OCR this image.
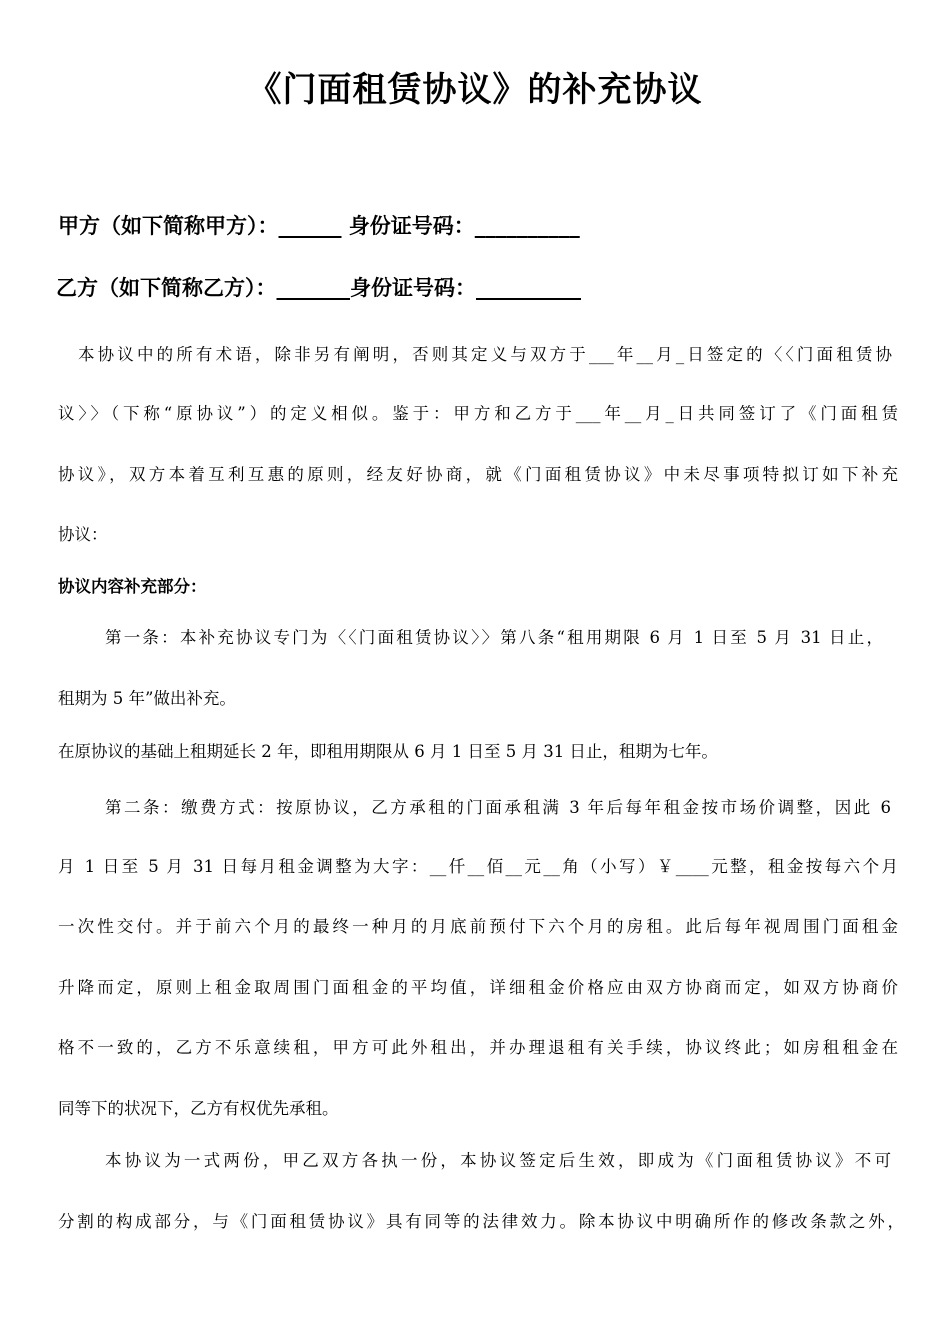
《门面租赁协议》的补充协议
甲方（如下简称甲方）：______ 身份证号码：__________
乙方（如下简称乙方）：_______身份证号码：__________
本协议中的所有术语，除非另有阐明，否则其定义与双方于___年__月_日签定的〈〈门面租赁协
议〉〉（下称“原协议”）的定义相似。鉴于：甲方和乙方于___年__月_日共同签订了《门面租赁
协议》，双方本着互利互惠的原则，经友好协商，就《门面租赁协议》中未尽事项特拟订如下补充
协议：
协议内容补充部分：
第一条：本补充协议专门为〈〈门面租赁协议〉〉第八条“租用期限 6 月 1 日至 5 月 31 日止，
租期为 5 年”做出补充。
在原协议的基础上租期延长 2 年，即租用期限从 6 月 1 日至 5 月 31 日止，租期为七年。
第二条：缴费方式：按原协议，乙方承租的门面承租满 3 年后每年租金按市场价调整，因此 6
月 1 日至 5 月 31 日每月租金调整为大字：__仟__佰__元__角（小写）￥____元整，租金按每六个月
一次性交付。并于前六个月的最终一种月的月底前预付下六个月的房租。此后每年视周围门面租金
升降而定，原则上租金取周围门面租金的平均值，详细租金价格应由双方协商而定，如双方协商价
格不一致的，乙方不乐意续租，甲方可此外租出，并办理退租有关手续，协议终此；如房租租金在
同等下的状况下，乙方有权优先承租。
本协议为一式两份，甲乙双方各执一份，本协议签定后生效，即成为《门面租赁协议》不可
分割的构成部分，与《门面租赁协议》具有同等的法律效力。除本协议中明确所作的修改条款之外，
